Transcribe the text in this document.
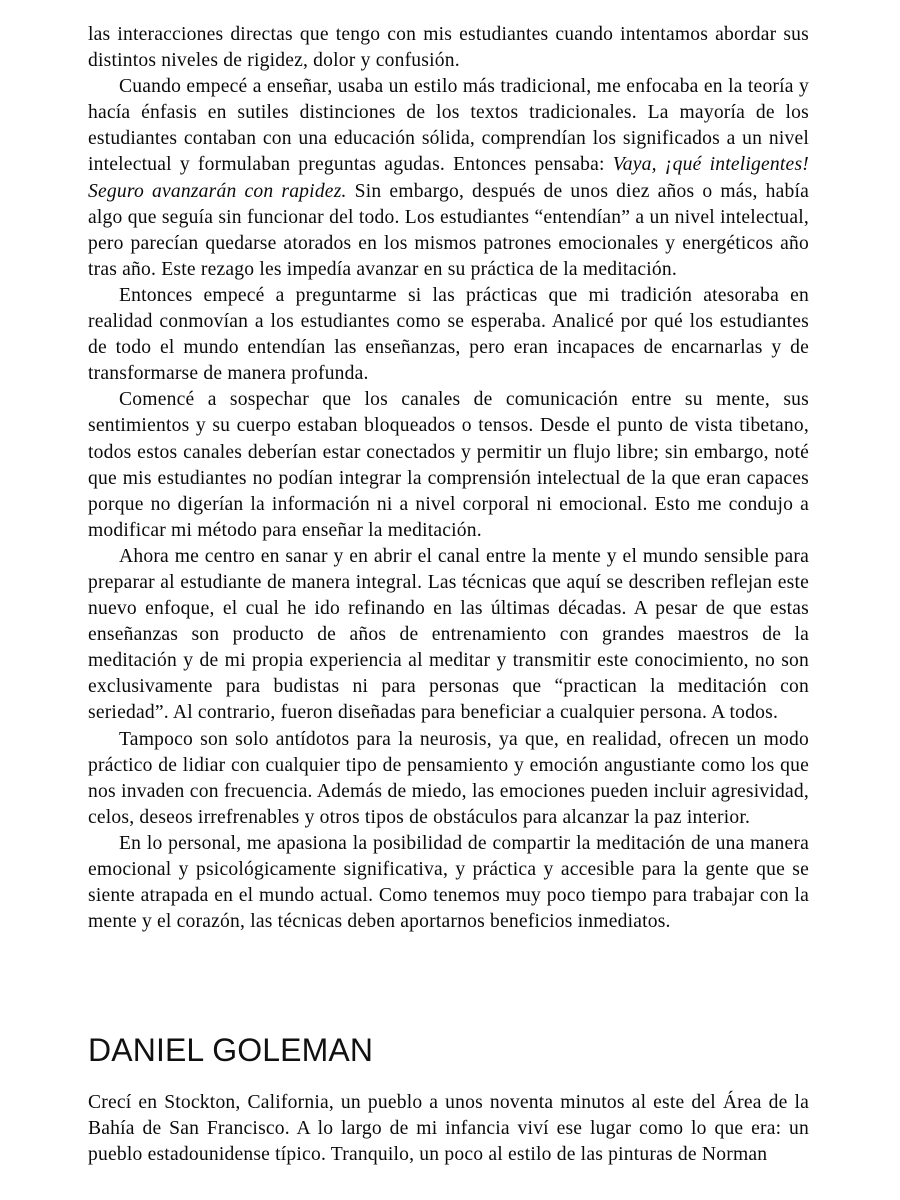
las interacciones directas que tengo con mis estudiantes cuando intentamos abordar sus distintos niveles de rigidez, dolor y confusión.

Cuando empecé a enseñar, usaba un estilo más tradicional, me enfocaba en la teoría y hacía énfasis en sutiles distinciones de los textos tradicionales. La mayoría de los estudiantes contaban con una educación sólida, comprendían los significados a un nivel intelectual y formulaban preguntas agudas. Entonces pensaba: Vaya, ¡qué inteligentes! Seguro avanzarán con rapidez. Sin embargo, después de unos diez años o más, había algo que seguía sin funcionar del todo. Los estudiantes “entendían” a un nivel intelectual, pero parecían quedarse atorados en los mismos patrones emocionales y energéticos año tras año. Este rezago les impedía avanzar en su práctica de la meditación.

Entonces empecé a preguntarme si las prácticas que mi tradición atesoraba en realidad conmovían a los estudiantes como se esperaba. Analicé por qué los estudiantes de todo el mundo entendían las enseñanzas, pero eran incapaces de encarnarlas y de transformarse de manera profunda.

Comencé a sospechar que los canales de comunicación entre su mente, sus sentimientos y su cuerpo estaban bloqueados o tensos. Desde el punto de vista tibetano, todos estos canales deberían estar conectados y permitir un flujo libre; sin embargo, noté que mis estudiantes no podían integrar la comprensión intelectual de la que eran capaces porque no digerían la información ni a nivel corporal ni emocional. Esto me condujo a modificar mi método para enseñar la meditación.

Ahora me centro en sanar y en abrir el canal entre la mente y el mundo sensible para preparar al estudiante de manera integral. Las técnicas que aquí se describen reflejan este nuevo enfoque, el cual he ido refinando en las últimas décadas. A pesar de que estas enseñanzas son producto de años de entrenamiento con grandes maestros de la meditación y de mi propia experiencia al meditar y transmitir este conocimiento, no son exclusivamente para budistas ni para personas que “practican la meditación con seriedad”. Al contrario, fueron diseñadas para beneficiar a cualquier persona. A todos.

Tampoco son solo antídotos para la neurosis, ya que, en realidad, ofrecen un modo práctico de lidiar con cualquier tipo de pensamiento y emoción angustiante como los que nos invaden con frecuencia. Además de miedo, las emociones pueden incluir agresividad, celos, deseos irrefrenables y otros tipos de obstáculos para alcanzar la paz interior.

En lo personal, me apasiona la posibilidad de compartir la meditación de una manera emocional y psicológicamente significativa, y práctica y accesible para la gente que se siente atrapada en el mundo actual. Como tenemos muy poco tiempo para trabajar con la mente y el corazón, las técnicas deben aportarnos beneficios inmediatos.

DANIEL GOLEMAN

Crecí en Stockton, California, un pueblo a unos noventa minutos al este del Área de la Bahía de San Francisco. A lo largo de mi infancia viví ese lugar como lo que era: un pueblo estadounidense típico. Tranquilo, un poco al estilo de las pinturas de Norman
